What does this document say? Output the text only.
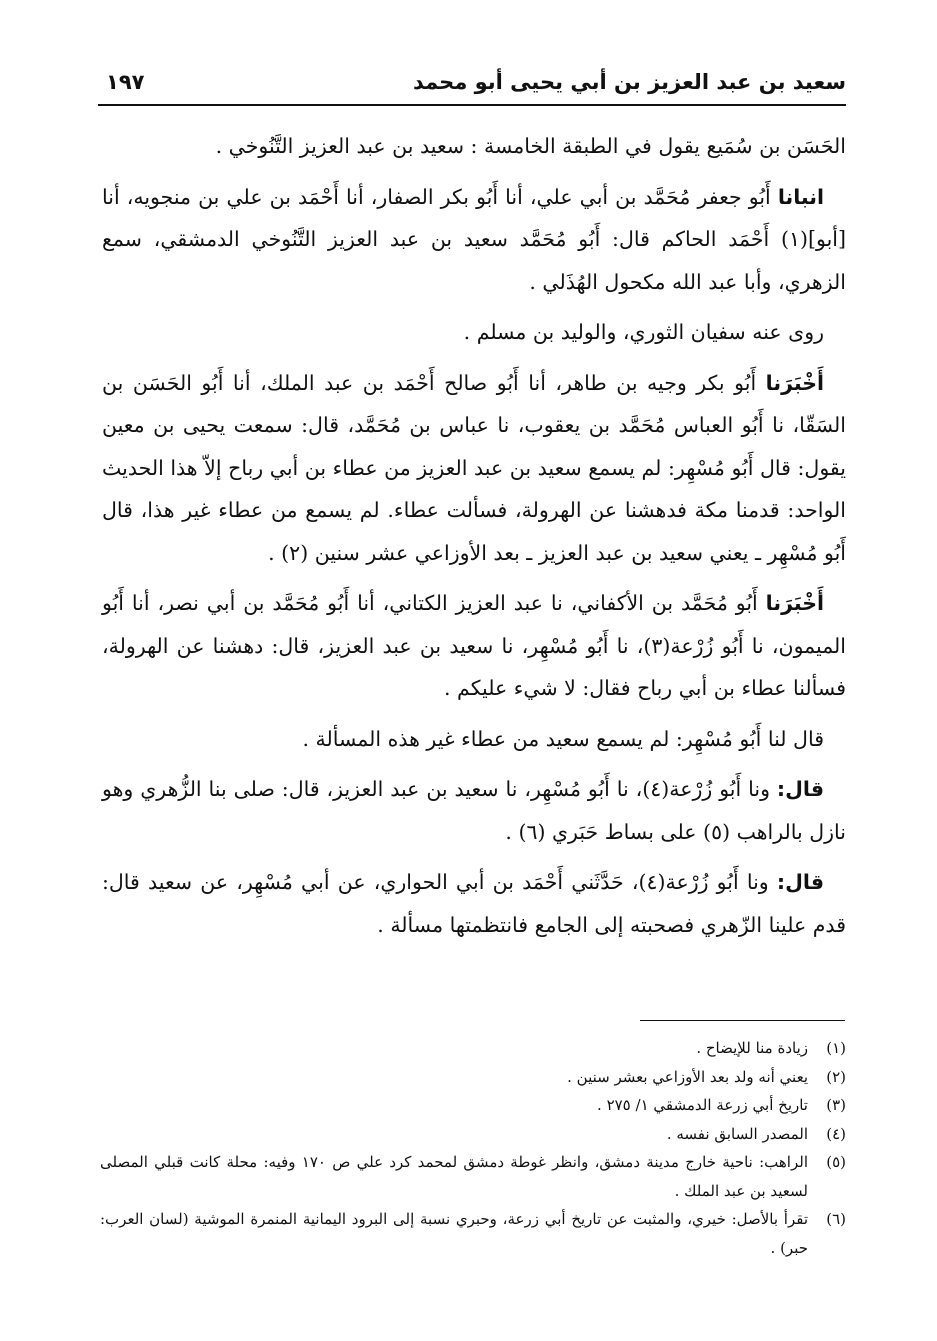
سعيد بن عبد العزيز بن أبي يحيى أبو محمد
١٩٧

الحَسَن بن سُمَيع يقول في الطبقة الخامسة : سعيد بن عبد العزيز التَّنُوخي .

انبانا أَبُو جعفر مُحَمَّد بن أبي علي، أنا أَبُو بكر الصفار، أنا أَحْمَد بن علي بن منجويه، أنا [أبو](١) أَحْمَد الحاكم قال: أَبُو مُحَمَّد سعيد بن عبد العزيز التَّنُوخي الدمشقي، سمع الزهري، وأبا عبد الله مكحول الهُذَلي .

روى عنه سفيان الثوري، والوليد بن مسلم .

أَخْبَرَنا أَبُو بكر وجيه بن طاهر، أنا أَبُو صالح أَحْمَد بن عبد الملك، أنا أَبُو الحَسَن بن السَقّا، نا أَبُو العباس مُحَمَّد بن يعقوب، نا عباس بن مُحَمَّد، قال: سمعت يحيى بن معين يقول: قال أَبُو مُسْهِر: لم يسمع سعيد بن عبد العزيز من عطاء بن أبي رباح إلاّ هذا الحديث الواحد: قدمنا مكة فدهشنا عن الهرولة، فسألت عطاء. لم يسمع من عطاء غير هذا، قال أَبُو مُسْهِر ـ يعني سعيد بن عبد العزيز ـ بعد الأوزاعي عشر سنين (٢) .

أَخْبَرَنا أَبُو مُحَمَّد بن الأكفاني، نا عبد العزيز الكتاني، أنا أَبُو مُحَمَّد بن أبي نصر، أنا أَبُو الميمون، نا أَبُو زُرْعة(٣)، نا أَبُو مُسْهِر، نا سعيد بن عبد العزيز، قال: دهشنا عن الهرولة، فسألنا عطاء بن أبي رباح فقال: لا شيء عليكم .

قال لنا أَبُو مُسْهِر: لم يسمع سعيد من عطاء غير هذه المسألة .

قال: ونا أَبُو زُرْعة(٤)، نا أَبُو مُسْهِر، نا سعيد بن عبد العزيز، قال: صلى بنا الزُّهري وهو نازل بالراهب (٥) على بساط حَبَري (٦) .

قال: ونا أَبُو زُرْعة(٤)، حَدَّثَني أَحْمَد بن أبي الحواري، عن أبي مُسْهِر، عن سعيد قال: قدم علينا الزّهري فصحبته إلى الجامع فانتظمتها مسألة .

(١)
زيادة منا للإيضاح .
(٢)
يعني أنه ولد بعد الأوزاعي بعشر سنين .
(٣)
تاريخ أبي زرعة الدمشقي ١/ ٢٧٥ .
(٤)
المصدر السابق نفسه .
(٥)
الراهب: ناحية خارج مدينة دمشق، وانظر غوطة دمشق لمحمد كرد علي ص ١٧٠ وفيه: محلة كانت قبلي المصلى لسعيد بن عبد الملك .
(٦)
تقرأ بالأصل: خيري، والمثبت عن تاريخ أبي زرعة، وحبري نسبة إلى البرود اليمانية المنمرة الموشية (لسان العرب: حبر) .
